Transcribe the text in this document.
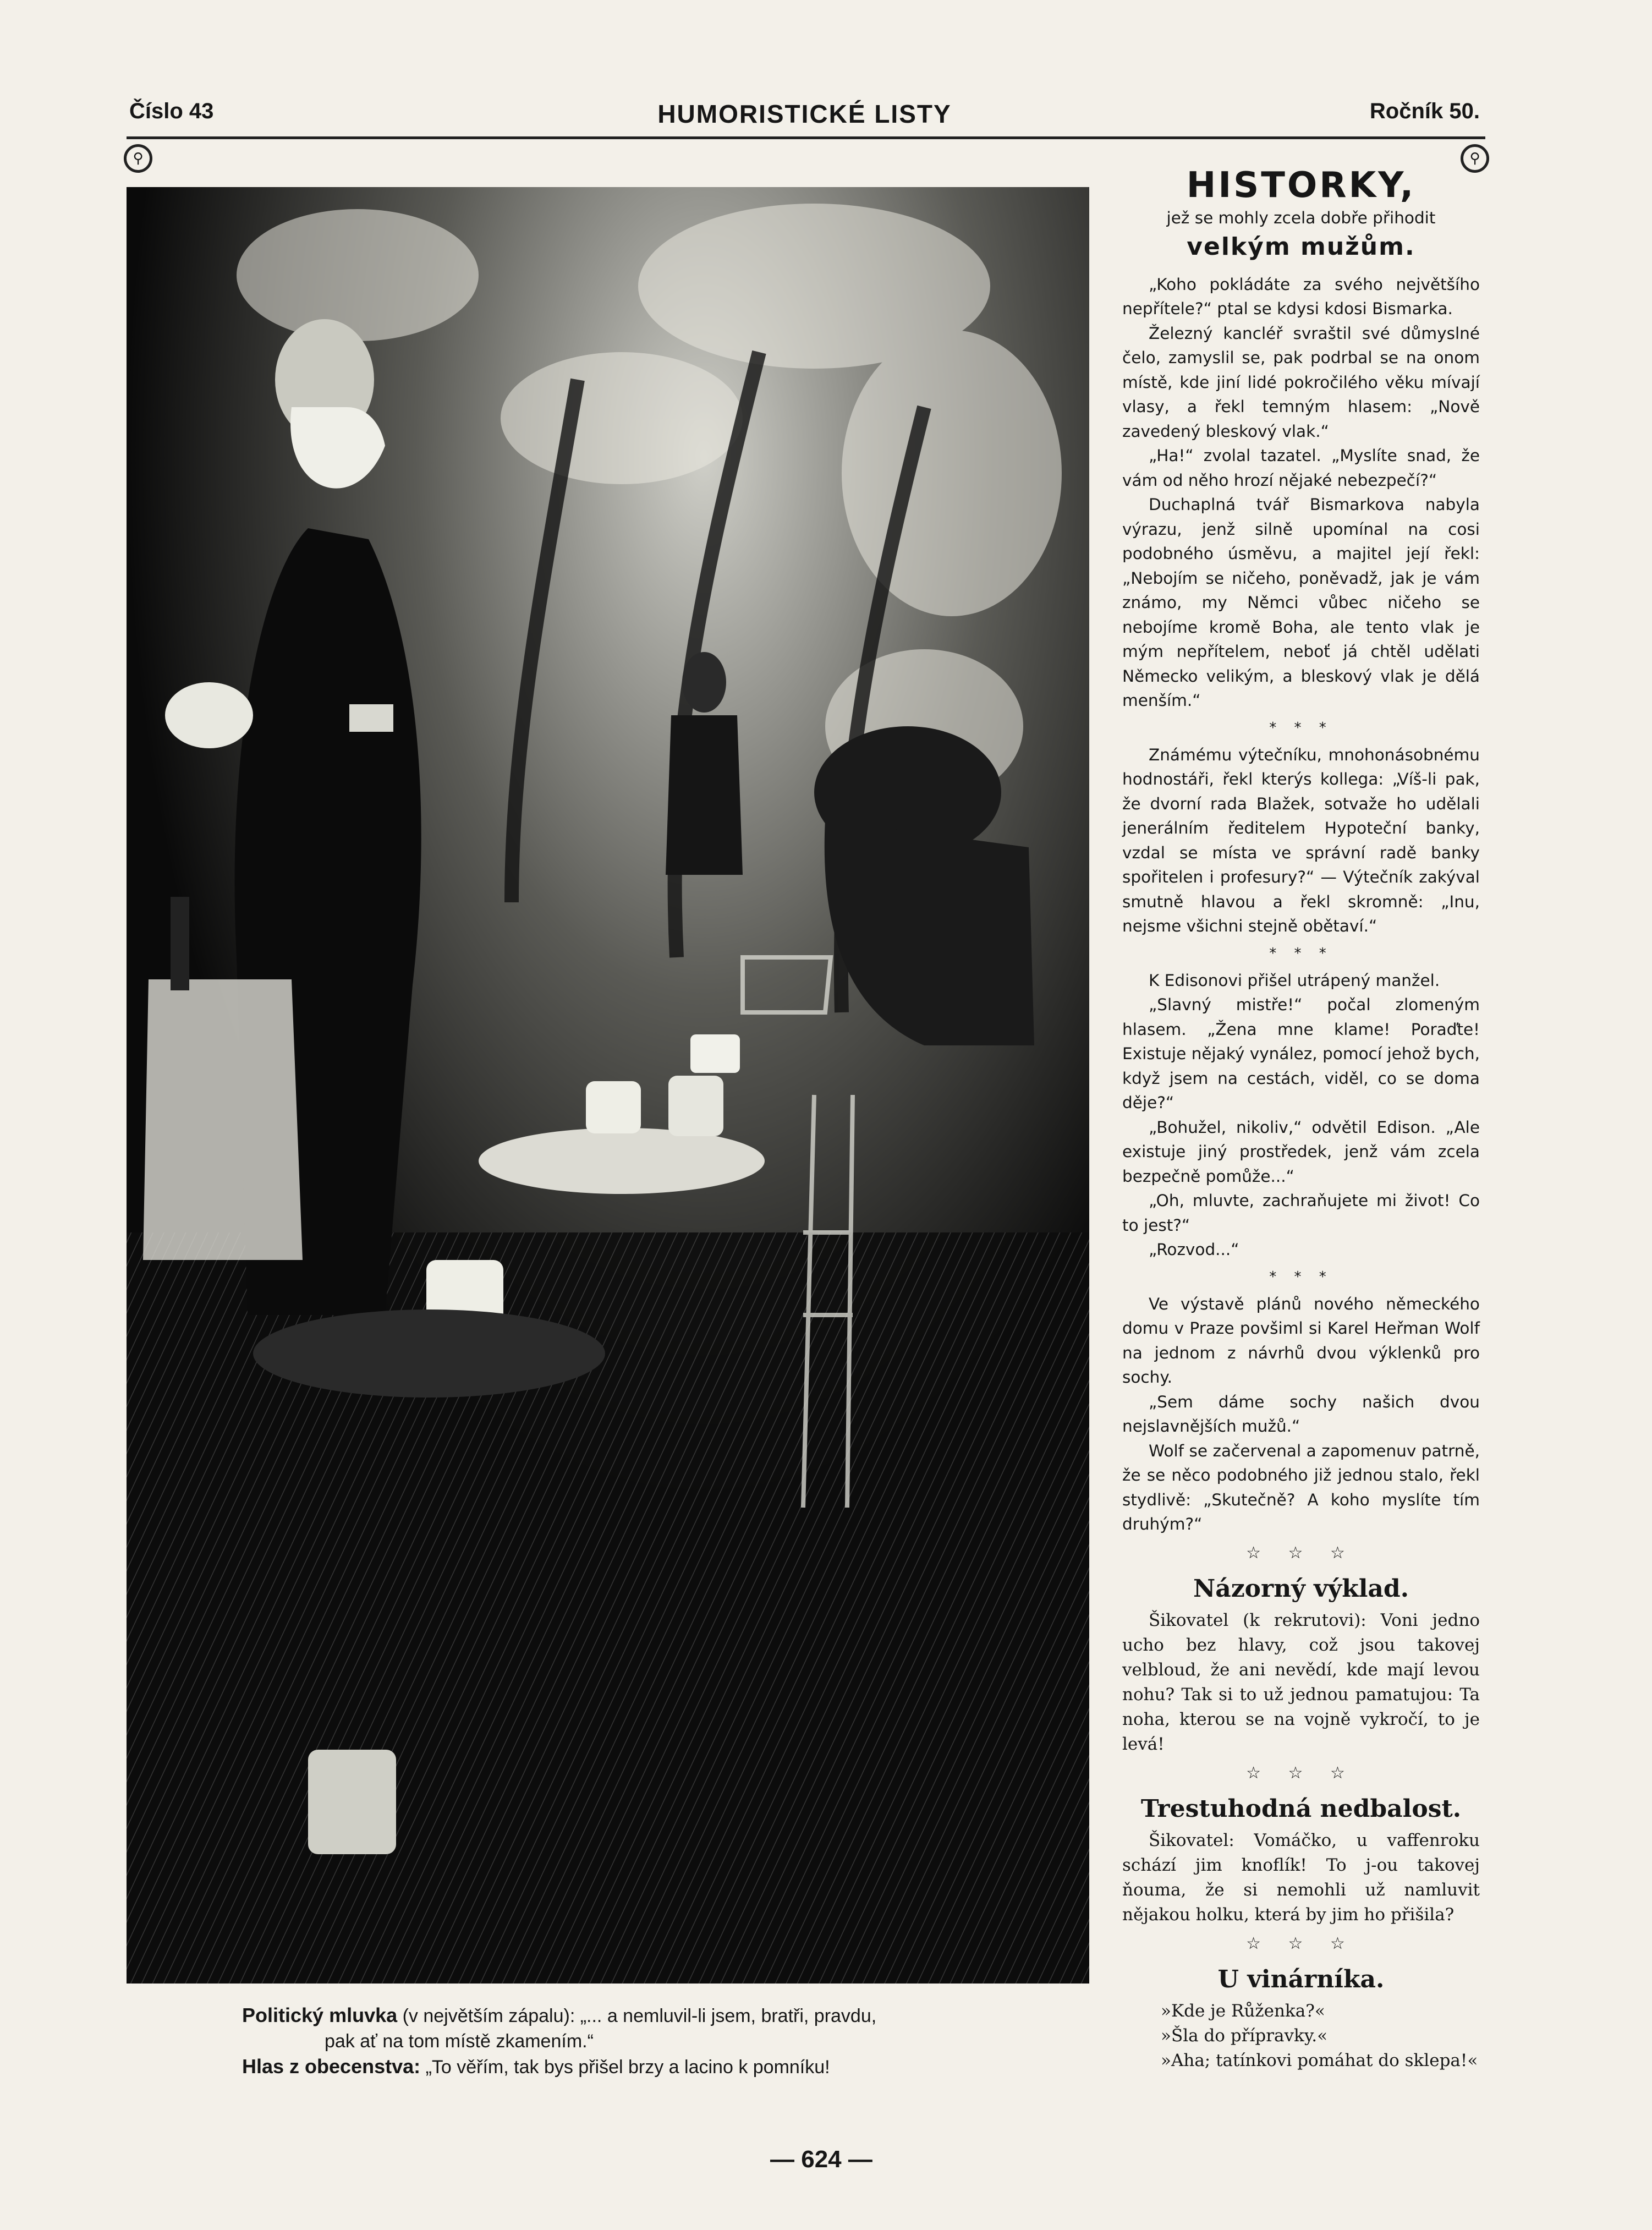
Číslo 43	HUMORISTICKÉ LISTY	Ročník 50.
⚲	⚲
Politický mluvka (v největším zápalu): „... a nemluvil-li jsem, bratři, pravdu,
pak ať na tom místě zkamením.“
Hlas z obecenstva: „To věřím, tak bys přišel brzy a lacino k pomníku!
— 624 —

HISTORKY,

jež se mohly zcela dobře přihodit

velkým mužům.

„Koho pokládáte za svého největšího nepřítele?“ ptal se kdysi kdosi Bismarka.

Železný kancléř svraštil své důmyslné čelo, zamyslil se, pak podrbal se na onom místě, kde jiní lidé pokročilého věku mívají vlasy, a řekl temným hlasem: „Nově zavedený bleskový vlak.“

„Ha!“ zvolal tazatel. „Myslíte snad, že vám od něho hrozí nějaké nebezpečí?“

Duchaplná tvář Bismarkova nabyla výrazu, jenž silně upomínal na cosi podobného úsměvu, a majitel její řekl: „Nebojím se ničeho, poněvadž, jak je vám známo, my Němci vůbec ničeho se nebojíme kromě Boha, ale tento vlak je mým nepřítelem, neboť já chtěl udělati Německo velikým, a bleskový vlak je dělá menším.“

* * *

Známému výtečníku, mnohonásobnému hodnostáři, řekl kterýs kollega: „Víš-li pak, že dvorní rada Blažek, sotvaže ho udělali jenerálním ředitelem Hypoteční banky, vzdal se místa ve správní radě banky spořitelen i profesury?“ — Výtečník zakýval smutně hlavou a řekl skromně: „Inu, nejsme všichni stejně obětaví.“

* * *

K Edisonovi přišel utrápený manžel.

„Slavný mistře!“ počal zlomeným hlasem. „Žena mne klame! Poraďte! Existuje nějaký vynález, pomocí jehož bych, když jsem na cestách, viděl, co se doma děje?“

„Bohužel, nikoliv,“ odvětil Edison. „Ale existuje jiný prostředek, jenž vám zcela bezpečně pomůže...“

„Oh, mluvte, zachraňujete mi život! Co to jest?“

„Rozvod...“

* * *

Ve výstavě plánů nového německého domu v Praze povšiml si Karel Heřman Wolf na jednom z návrhů dvou výklenků pro sochy.

„Sem dáme sochy našich dvou nejslavnějších mužů.“

Wolf se začervenal a zapomenuv patrně, že se něco podobného již jednou stalo, řekl stydlivě: „Skutečně? A koho myslíte tím druhým?“

☆ ☆ ☆

Názorný výklad.

Šikovatel (k rekrutovi): Voni jedno ucho bez hlavy, což jsou takovej velbloud, že ani nevědí, kde mají levou nohu? Tak si to už jednou pamatujou: Ta noha, kterou se na vojně vykročí, to je levá!

☆ ☆ ☆

Trestuhodná nedbalost.

Šikovatel: Vomáčko, u vaffenroku schází jim knoflík! To j-ou takovej ňouma, že si nemohli už namluvit nějakou holku, která by jim ho přišila?

☆ ☆ ☆

U vinárníka.

»Kde je Růženka?«

»Šla do přípravky.«

»Aha; tatínkovi pomáhat do sklepa!«
